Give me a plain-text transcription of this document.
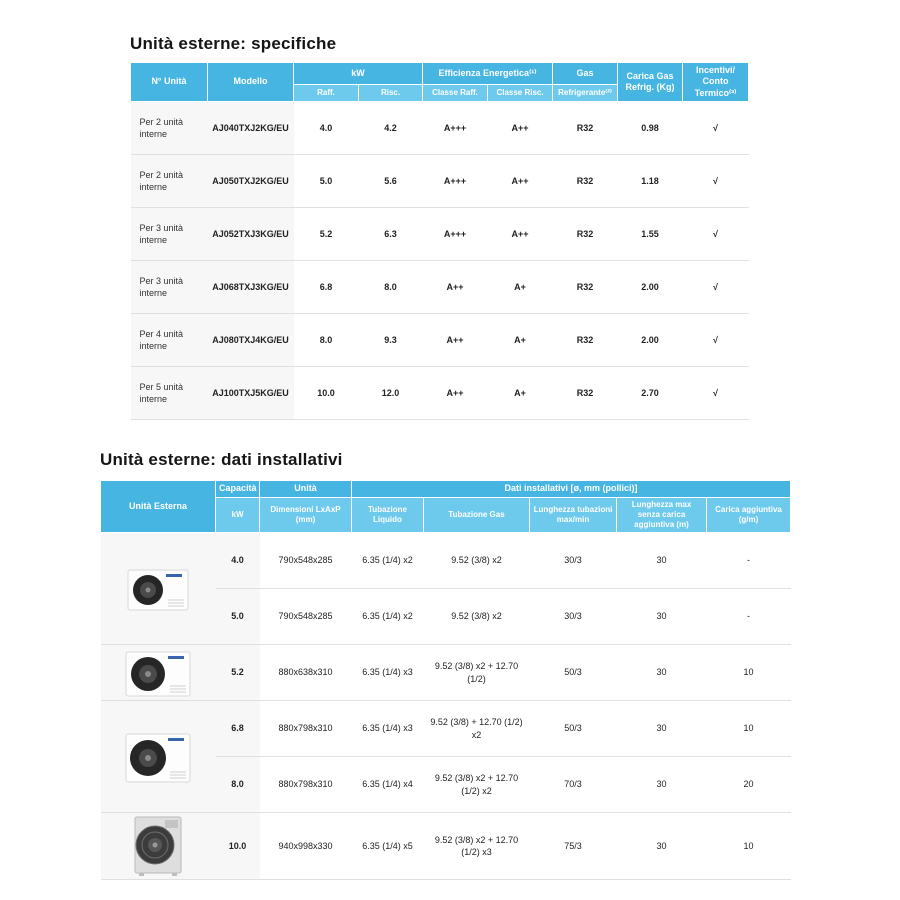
Unità esterne: specifiche
N° Unità	Modello	kW		Efficienza Energetica⁽¹⁾		Gas	Carica Gas Refrig. (Kg)	Incentivi/ Conto Termico⁽³⁾
		Raff.	Risc.	Classe Raff.	Classe Risc.	Refrigerante⁽²⁾		
Per 2 unità interne	AJ040TXJ2KG/EU	4.0	4.2	A+++	A++	R32	0.98	√
Per 2 unità interne	AJ050TXJ2KG/EU	5.0	5.6	A+++	A++	R32	1.18	√
Per 3 unità interne	AJ052TXJ3KG/EU	5.2	6.3	A+++	A++	R32	1.55	√
Per 3 unità interne	AJ068TXJ3KG/EU	6.8	8.0	A++	A+	R32	2.00	√
Per 4 unità interne	AJ080TXJ4KG/EU	8.0	9.3	A++	A+	R32	2.00	√
Per 5 unità interne	AJ100TXJ5KG/EU	10.0	12.0	A++	A+	R32	2.70	√
Unità esterne: dati installativi
Unità Esterna	Capacità	Unità	Dati installativi [ø, mm (pollici)]				
	kW	Dimensioni LxAxP (mm)	Tubazione Liquido	Tubazione Gas	Lunghezza tubazioni max/min	Lunghezza max senza carica aggiuntiva (m)	Carica aggiuntiva (g/m)

	4.0	790x548x285	6.35 (1/4) x2	9.52 (3/8) x2	30/3	30	-
	5.0	790x548x285	6.35 (1/4) x2	9.52 (3/8) x2	30/3	30	-

	5.2	880x638x310	6.35 (1/4) x3	9.52 (3/8) x2 + 12.70 (1/2)	50/3	30	10

	6.8	880x798x310	6.35 (1/4) x3	9.52 (3/8) + 12.70 (1/2) x2	50/3	30	10
	8.0	880x798x310	6.35 (1/4) x4	9.52 (3/8) x2 + 12.70 (1/2) x2	70/3	30	20

	10.0	940x998x330	6.35 (1/4) x5	9.52 (3/8) x2 + 12.70 (1/2) x3	75/3	30	10
